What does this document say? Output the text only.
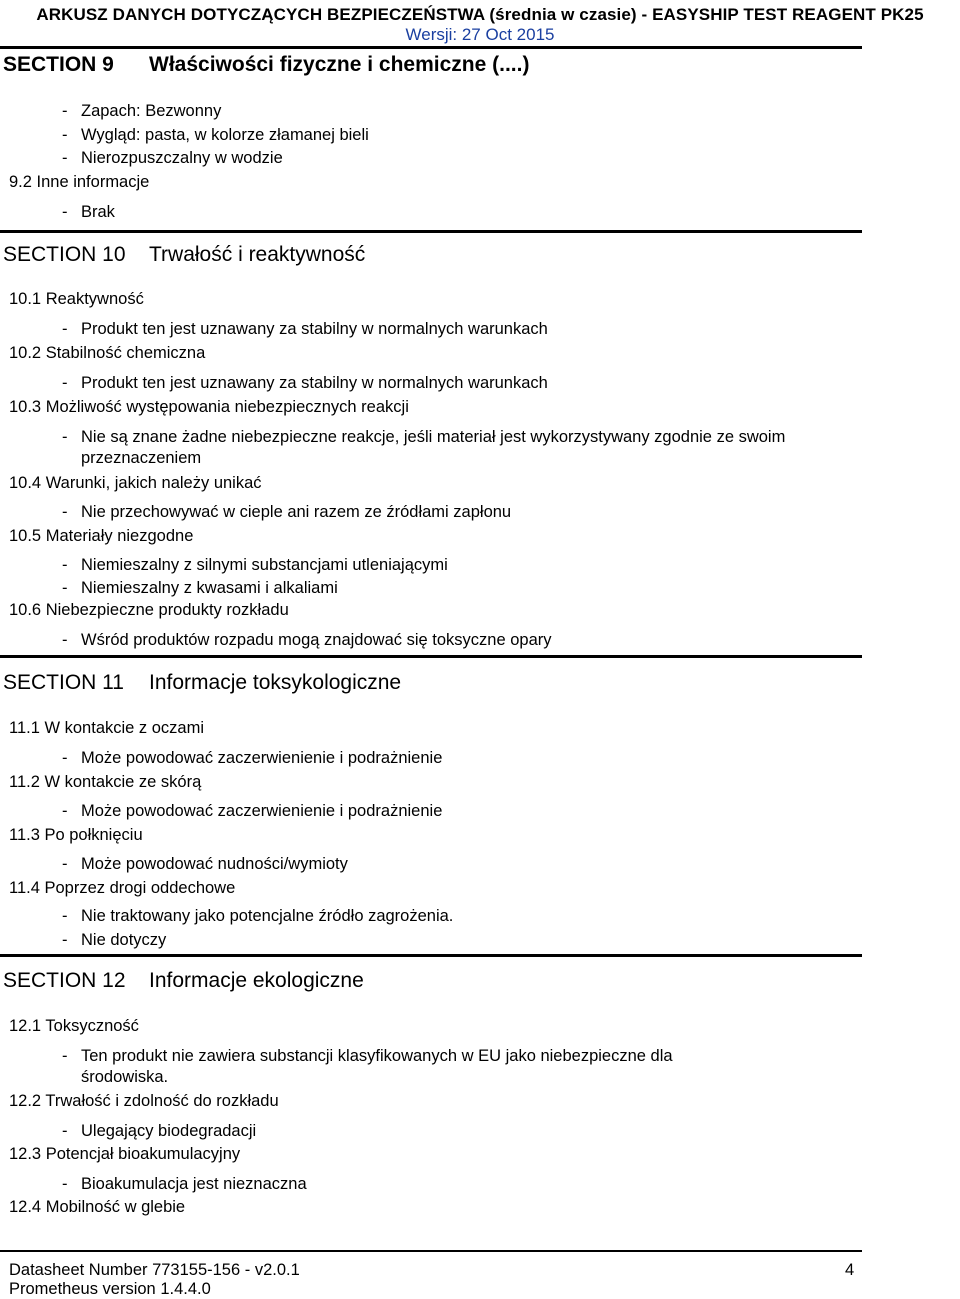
ARKUSZ DANYCH DOTYCZĄCYCH BEZPIECZEŃSTWA (średnia w czasie) - EASYSHIP TEST REAGENT PK25
Wersji: 27 Oct 2015
SECTION 9 Właściwości fizyczne i chemiczne (....)
- Zapach: Bezwonny
- Wygląd: pasta, w kolorze złamanej bieli
- Nierozpuszczalny w wodzie
9.2 Inne informacje
- Brak
SECTION 10 Trwałość i reaktywność
10.1 Reaktywność
- Produkt ten jest uznawany za stabilny w normalnych warunkach
10.2 Stabilność chemiczna
- Produkt ten jest uznawany za stabilny w normalnych warunkach
10.3 Możliwość występowania niebezpiecznych reakcji
- Nie są znane żadne niebezpieczne reakcje, jeśli materiał jest wykorzystywany zgodnie ze swoim przeznaczeniem
10.4 Warunki, jakich należy unikać
- Nie przechowywać w cieple ani razem ze źródłami zapłonu
10.5 Materiały niezgodne
- Niemieszalny z silnymi substancjami utleniającymi
- Niemieszalny z kwasami i alkaliami
10.6 Niebezpieczne produkty rozkładu
- Wśród produktów rozpadu mogą znajdować się toksyczne opary
SECTION 11 Informacje toksykologiczne
11.1 W kontakcie z oczami
- Może powodować zaczerwienienie i podrażnienie
11.2 W kontakcie ze skórą
- Może powodować zaczerwienienie i podrażnienie
11.3 Po połknięciu
- Może powodować nudności/wymioty
11.4 Poprzez drogi oddechowe
- Nie traktowany jako potencjalne źródło zagrożenia.
- Nie dotyczy
SECTION 12 Informacje ekologiczne
12.1 Toksyczność
- Ten produkt nie zawiera substancji klasyfikowanych w EU jako niebezpieczne dla środowiska.
12.2 Trwałość i zdolność do rozkładu
- Ulegający biodegradacji
12.3 Potencjał bioakumulacyjny
- Bioakumulacja jest nieznaczna
12.4 Mobilność w glebie
Datasheet Number 773155-156 - v2.0.1
Prometheus version 1.4.4.0
4
